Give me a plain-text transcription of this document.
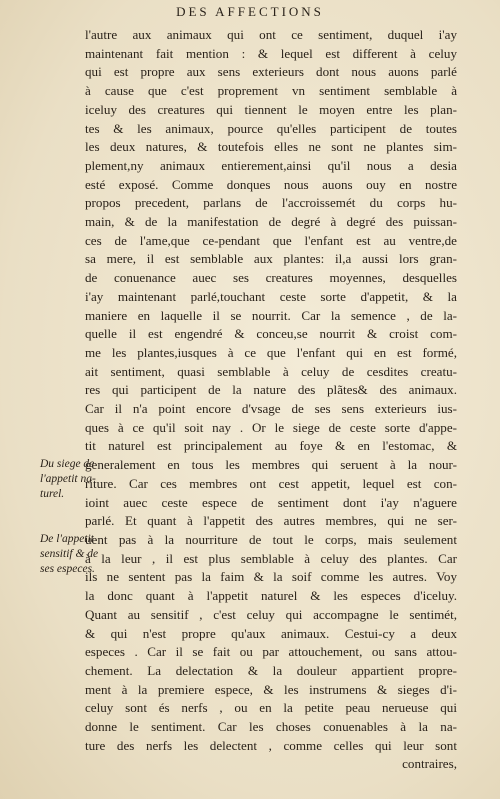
DES AFFECTIONS
Du siege de
l'appetit na-
turel.
De l'appetit
sensitif & de
ses especes.
l'autre aux animaux qui ont ce sentiment, duquel i'ay
maintenant fait mention : & lequel est different à celuy
qui est propre aux sens exterieurs dont nous auons parlé
à cause que c'est proprement vn sentiment semblable à
iceluy des creatures qui tiennent le moyen entre les plan-
tes & les animaux, pource qu'elles participent de toutes
les deux natures, & toutefois elles ne sont ne plantes sim-
plement,ny animaux entierement,ainsi qu'il nous a desia
esté exposé. Comme donques nous auons ouy en nostre
propos precedent, parlans de l'accroissemét du corps hu-
main, & de la manifestation de degré à degré des puissan-
ces de l'ame,que ce-pendant que l'enfant est au ventre,de
sa mere, il est semblable aux plantes: il,a aussi lors gran-
de conuenance auec ses creatures moyennes, desquelles
i'ay maintenant parlé,touchant ceste sorte d'appetit, & la
maniere en laquelle il se nourrit. Car la semence , de la-
quelle il est engendré & conceu,se nourrit & croist com-
me les plantes,iusques à ce que l'enfant qui en est formé,
ait sentiment, quasi semblable à celuy de cesdites creatu-
res qui participent de la nature des plãtes& des animaux.
Car il n'a point encore d'vsage de ses sens exterieurs ius-
ques à ce qu'il soit nay . Or le siege de ceste sorte d'appe-
tit naturel est principalement au foye & en l'estomac, &
generalement en tous les membres qui seruent à la nour-
riture. Car ces membres ont cest appetit, lequel est con-
ioint auec ceste espece de sentiment dont i'ay n'aguere
parlé. Et quant à l'appetit des autres membres, qui ne ser-
uent pas à la nourriture de tout le corps, mais seulement
à la leur , il est plus semblable à celuy des plantes. Car
ils ne sentent pas la faim & la soif comme les autres. Voy
la donc quant à l'appetit naturel & les especes d'iceluy.
Quant au sensitif , c'est celuy qui accompagne le sentimét,
& qui n'est propre qu'aux animaux. Cestui-cy a deux
especes . Car il se fait ou par attouchement, ou sans attou-
chement. La delectation & la douleur appartient propre-
ment à la premiere espece, & les instrumens & sieges d'i-
celuy sont és nerfs , ou en la petite peau nerueuse qui
donne le sentiment. Car les choses conuenables à la na-
ture des nerfs les delectent , comme celles qui leur sont
contraires,
